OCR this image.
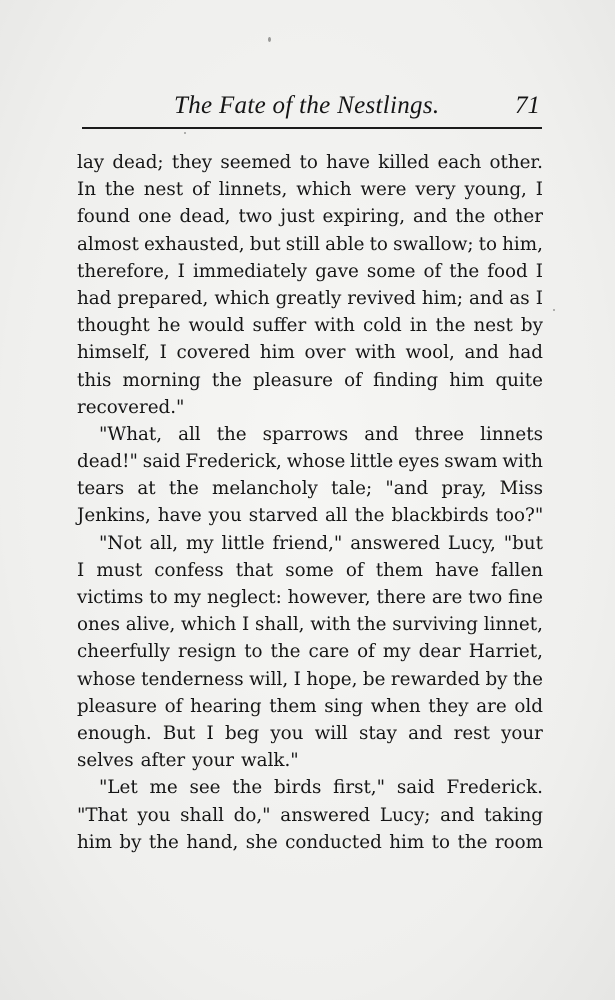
The Fate of the Nestlings.	71
lay dead; they seemed to have killed each other.
In the nest of linnets, which were very young, I
found one dead, two just expiring, and the other
almost exhausted, but still able to swallow; to him,
therefore, I immediately gave some of the food I
had prepared, which greatly revived him; and as I
thought he would suffer with cold in the nest by
himself, I covered him over with wool, and had
this morning the pleasure of finding him quite
recovered."
"What, all the sparrows and three linnets
dead!" said Frederick, whose little eyes swam with
tears at the melancholy tale; "and pray, Miss
Jenkins, have you starved all the blackbirds too?"
"Not all, my little friend," answered Lucy, "but
I must confess that some of them have fallen
victims to my neglect: however, there are two fine
ones alive, which I shall, with the surviving linnet,
cheerfully resign to the care of my dear Harriet,
whose tenderness will, I hope, be rewarded by the
pleasure of hearing them sing when they are old
enough. But I beg you will stay and rest your
selves after your walk."
"Let me see the birds first," said Frederick.
"That you shall do," answered Lucy; and taking
him by the hand, she conducted him to the room
